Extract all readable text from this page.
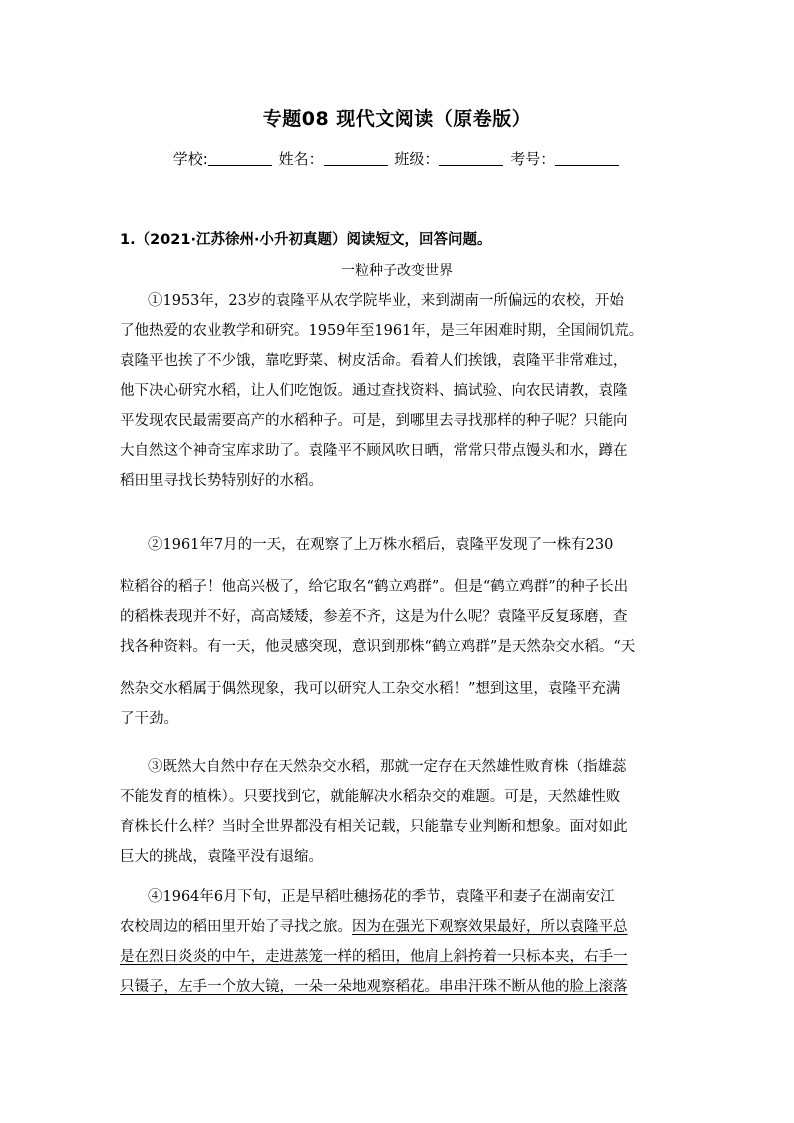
专题08 现代文阅读（原卷版）
学校:	姓名：	班级：	考号：
1.（2021·江苏徐州·小升初真题）阅读短文，回答问题。
一粒种子改变世界
①1953年，23岁的袁隆平从农学院毕业，来到湖南一所偏远的农校，开始
了他热爱的农业教学和研究。1959年至1961年，是三年困难时期，全国闹饥荒。
袁隆平也挨了不少饿，靠吃野菜、树皮活命。看着人们挨饿，袁隆平非常难过，
他下决心研究水稻，让人们吃饱饭。通过查找资料、搞试验、向农民请教，袁隆
平发现农民最需要高产的水稻种子。可是，到哪里去寻找那样的种子呢？只能向
大自然这个神奇宝库求助了。袁隆平不顾风吹日晒，常常只带点馒头和水，蹲在
稻田里寻找长势特别好的水稻。
②1961年7月的一天，在观察了上万株水稻后，袁隆平发现了一株有230
粒稻谷的稻子！他高兴极了，给它取名“鹤立鸡群”。但是“鹤立鸡群”的种子长出
的稻株表现并不好，高高矮矮，参差不齐，这是为什么呢？袁隆平反复琢磨，查
找各种资料。有一天，他灵感突现，意识到那株“鹤立鸡群”是天然杂交水稻。“天
然杂交水稻属于偶然现象，我可以研究人工杂交水稻！”想到这里，袁隆平充满
了干劲。
③既然大自然中存在天然杂交水稻，那就一定存在天然雄性败育株（指雄蕊
不能发育的植株）。只要找到它，就能解决水稻杂交的难题。可是，天然雄性败
育株长什么样？当时全世界都没有相关记载，只能靠专业判断和想象。面对如此
巨大的挑战，袁隆平没有退缩。
④1964年6月下旬，正是早稻吐穗扬花的季节，袁隆平和妻子在湖南安江
农校周边的稻田里开始了寻找之旅。因为在强光下观察效果最好，所以袁隆平总
是在烈日炎炎的中午，走进蒸笼一样的稻田，他肩上斜挎着一只标本夹，右手一
只镊子，左手一个放大镜，一朵一朵地观察稻花。串串汗珠不断从他的脸上滚落
